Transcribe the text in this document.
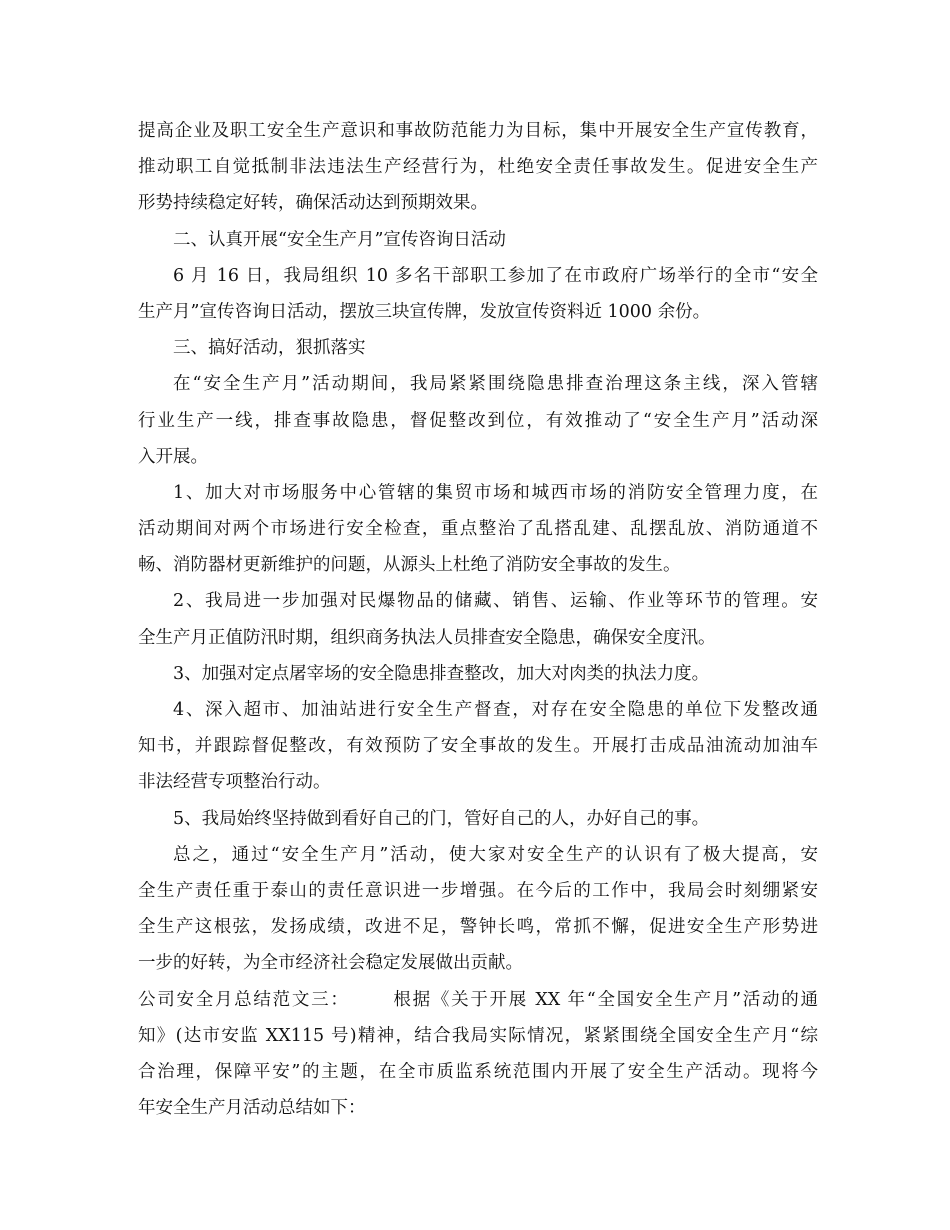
提高企业及职工安全生产意识和事故防范能力为目标，集中开展安全生产宣传教育，
推动职工自觉抵制非法违法生产经营行为，杜绝安全责任事故发生。促进安全生产
形势持续稳定好转，确保活动达到预期效果。
二、认真开展“安全生产月”宣传咨询日活动
6 月 16 日，我局组织 10 多名干部职工参加了在市政府广场举行的全市“安全
生产月”宣传咨询日活动，摆放三块宣传牌，发放宣传资料近 1000 余份。
三、搞好活动，狠抓落实
在“安全生产月”活动期间，我局紧紧围绕隐患排查治理这条主线，深入管辖
行业生产一线，排查事故隐患，督促整改到位，有效推动了“安全生产月”活动深
入开展。
1、加大对市场服务中心管辖的集贸市场和城西市场的消防安全管理力度，在
活动期间对两个市场进行安全检查，重点整治了乱搭乱建、乱摆乱放、消防通道不
畅、消防器材更新维护的问题，从源头上杜绝了消防安全事故的发生。
2、我局进一步加强对民爆物品的储藏、销售、运输、作业等环节的管理。安
全生产月正值防汛时期，组织商务执法人员排查安全隐患，确保安全度汛。
3、加强对定点屠宰场的安全隐患排查整改，加大对肉类的执法力度。
4、深入超市、加油站进行安全生产督查，对存在安全隐患的单位下发整改通
知书，并跟踪督促整改，有效预防了安全事故的发生。开展打击成品油流动加油车
非法经营专项整治行动。
5、我局始终坚持做到看好自己的门，管好自己的人，办好自己的事。
总之，通过“安全生产月”活动，使大家对安全生产的认识有了极大提高，安
全生产责任重于泰山的责任意识进一步增强。在今后的工作中，我局会时刻绷紧安
全生产这根弦，发扬成绩，改进不足，警钟长鸣，常抓不懈，促进安全生产形势进
一步的好转，为全市经济社会稳定发展做出贡献。
公司安全月总结范文三：      根据《关于开展 XX 年“全国安全生产月”活动的通
知》(达市安监 XX115 号)精神，结合我局实际情况，紧紧围绕全国安全生产月“综
合治理，保障平安”的主题，在全市质监系统范围内开展了安全生产活动。现将今
年安全生产月活动总结如下：
